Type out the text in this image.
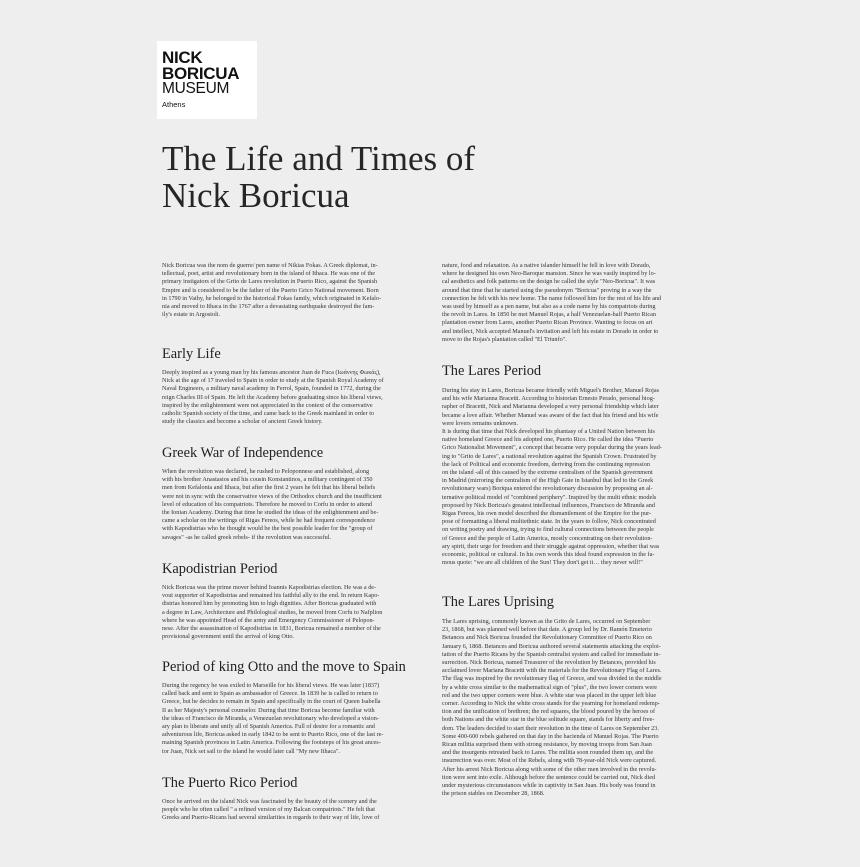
NICK
BORICUA
MUSEUM
Athens
The Life and Times of Nick Boricua

Nick Boricua was the nom de guerre/ pen name of Nikias Fokas. A Greek diplomat, in-
tellectual, poet, artist and revolutionary born in the island of Ithaca. He was one of the
primary instigators of the Grito de Lares revolution in Puerto Rico, against the Spanish
Empire and is considered to be the father of the Puerto Grico National movement. Born
in 1790 in Vathy, he belonged to the historical Fokas family, which originated in Kefalo-
nia and moved to Ithaca in the 1767 after a devastating earthquake destroyed the fam-
ily's estate in Argostoli.

Early Life

Deeply inspired as a young man by his famous ancestor Juan de Fuca (Ιωάννης Φωκάς),
Nick at the age of 17 traveled to Spain in order to study at the Spanish Royal Academy of
Naval Engineers, a military naval academy in Ferrol, Spain, founded in 1772, during the
reign Charles III of Spain. He left the Academy before graduating since his liberal views,
inspired by the enlightenment were not appreciated in the context of the conservative
catholic Spanish society of the time, and came back to the Greek mainland in order to
study the classics and become a scholar of ancient Greek history.

Greek War of Independence

When the revolution was declared, he rushed to Peloponnese and established, along
with his brother Anastasios and his cousin Konstantinos, a military contingent of 350
men from Kefalonia and Ithaca, but after the first 2 years he felt that his liberal beliefs
were not in sync with the conservative views of the Orthodox church and the insufficient
level of education of his compatriots. Therefore he moved to Corfu in order to attend
the Ionian Academy. During that time he studied the ideas of the enlightenment and be-
came a scholar on the writings of Rigas Fereos, while he had frequent correspondence
with Kapodistrias who he thought would be the best possible leader for the "group of
savages" -as he called greek rebels- if the revolution was successful.

Kapodistrian Period

Nick Boricua was the prime mover behind Ioannis Kapodistrias election. He was a de-
vout supporter of Kapodistrias and remained his faithful ally to the end. In return Kapo-
distrias honored him by promoting him to high dignities. After Boricua graduated with
a degree in Law, Architecture and Philological studies, he moved from Corfu to Nafplion
where he was appointed Head of the army and Emergency Commissioner of Pelopon-
nese. After the assassination of Kapodistrias in 1831, Boricua remained a member of the
provisional government until the arrival of king Otto.

Period of king Otto and the move to Spain

During the regency he was exiled to Marseille for his liberal views. He was later (1837)
called back and sent to Spain as ambassador of Greece. In 1839 he is called to return to
Greece, but he decides to remain in Spain and specifically in the court of Queen Isabella
II as her Majesty's personal counselor. During that time Boricua become familiar with
the ideas of Francisco de Miranda, a Venezuelan revolutionary who developed a vision-
ary plan to liberate and unify all of Spanish America. Full of desire for a romantic and
adventurous life, Boricua asked in early 1842 to be sent to Puerto Rico, one of the last re-
maining Spanish provinces in Latin America. Following the footsteps of his great ances-
tor Juan, Nick set sail to the island he would later call "My new Ithaca".

The Puerto Rico Period

Once he arrived on the island Nick was fascinated by the beauty of the scenery and the
people who he often called " a refined version of my Balcan compatriots." He felt that
Greeks and Puerto-Ricans had several similarities in regards to their way of life, love of

nature, food and relaxation. As a native islander himself he fell in love with Dorado,
where he designed his own Neo-Baroque mansion. Since he was vastly inspired by lo-
cal aesthetics and folk patterns on the design he called the style "Neo-Boricua". It was
around that time that he started using the pseudonym "Boricua" proving in a way the
connection he felt with his new home. The name followed him for the rest of his life and
was used by himself as a pen name, but also as a code name by his compatriots during
the revolt in Lares. In 1850 he met Manuel Rojas, a half Venezuelan-half Puerto Rican
plantation owner from Lares, another Puerto Rican Province. Wanting to focus on art
and intellect, Nick accepted Manuel's invitation and left his estate in Dorado in order to
move to the Rojas's plantation called "El Triunfo".

The Lares Period

During his stay in Lares, Boricua became friendly with Miguel's Brother, Manuel Rojas
and his wife Marianna Bracetti. According to historian Ernesto Perado, personal biog-
rapher of Bracetti, Nick and Marianna developed a very personal friendship which later
became a love affair. Whether Manuel was aware of the fact that his friend and his wife
were lovers remains unknown.
It is during that time that Nick developed his phantasy of a United Nation between his
native homeland Greece and his adopted one, Puerto Rico. He called the idea "Puerto
Grico Nationalist Movement", a concept that became very popular during the years lead-
ing to "Grito de Lares", a national revolution against the Spanish Crown. Frustrated by
the lack of Political and economic freedom, deriving from the continuing repression
on the island -all of this caused by the extreme centralism of the Spanish government
in Madrid (mirroring the centralism of the High Gate in Istanbul that led to the Greek
revolutionary wars) Boriqua entered the revolutionary discussion by proposing an al-
ternative political model of "combined periphery". Inspired by the multi ethnic models
proposed by Nick Boricua's greatest intellectual influences, Francisco de Miranda and
Rigas Fereos, his own model described the dismantlement of the Empire for the pur-
pose of formatting a liberal multiethnic state. In the years to follow, Nick concentrated
on writing poetry and drawing, trying to find cultural connections between the people
of Greece and the people of Latin America, mostly concentrating on their revolution-
ary spirit, their urge for freedom and their struggle against oppression, whether that was
economic, political or cultural. In his own words this ideal found expression in the fa-
mous quote: "we are all children of the Sun! They don't get it… they never will!"

The Lares Uprising

The Lares uprising, commonly known as the Grito de Lares, occurred on September
23, 1868, but was planned well before that date. A group led by Dr. Ramón Emeterio
Betances and Nick Boricua founded the Revolutionary Committee of Puerto Rico on
January 6, 1868. Betances and Boricua authored several statements attacking the exploi-
tation of the Puerto Ricans by the Spanish centralist system and called for immediate in-
surrection. Nick Boricua, named Treasurer of the revolution by Betances, provided his
acclaimed lover Mariana Bracetti with the materials for the Revolutionary Flag of Lares.
The flag was inspired by the revolutionary flag of Greece, and was divided in the middle
by a white cross similar to the mathematical sign of "plus", the two lower corners were
red and the two upper corners were blue. A white star was placed in the upper left blue
corner. According to Nick the white cross stands for the yearning for homeland redemp-
tion and the unification of brethren; the red squares, the blood poured by the heroes of
both Nations and the white star in the blue solitude square, stands for liberty and free-
dom. The leaders decided to start their revolution in the time of Lares on September 23.
Some 400-600 rebels gathered on that day in the hacienda of Manuel Rojas. The Puerto
Rican militia surprised them with strong resistance, by moving troops from San Juan
and the insurgents retreated back to Lares. The militia soon rounded them up, and the
insurrection was over. Most of the Rebels, along with 78-year-old Nick were captured.
After his arrest Nick Boricua along with some of the other men involved in the revolu-
tion were sent into exile. Although before the sentence could be carried out, Nick died
under mysterious circumstances while in captivity in San Juan. His body was found in
the prison stables on December 28, 1868.
